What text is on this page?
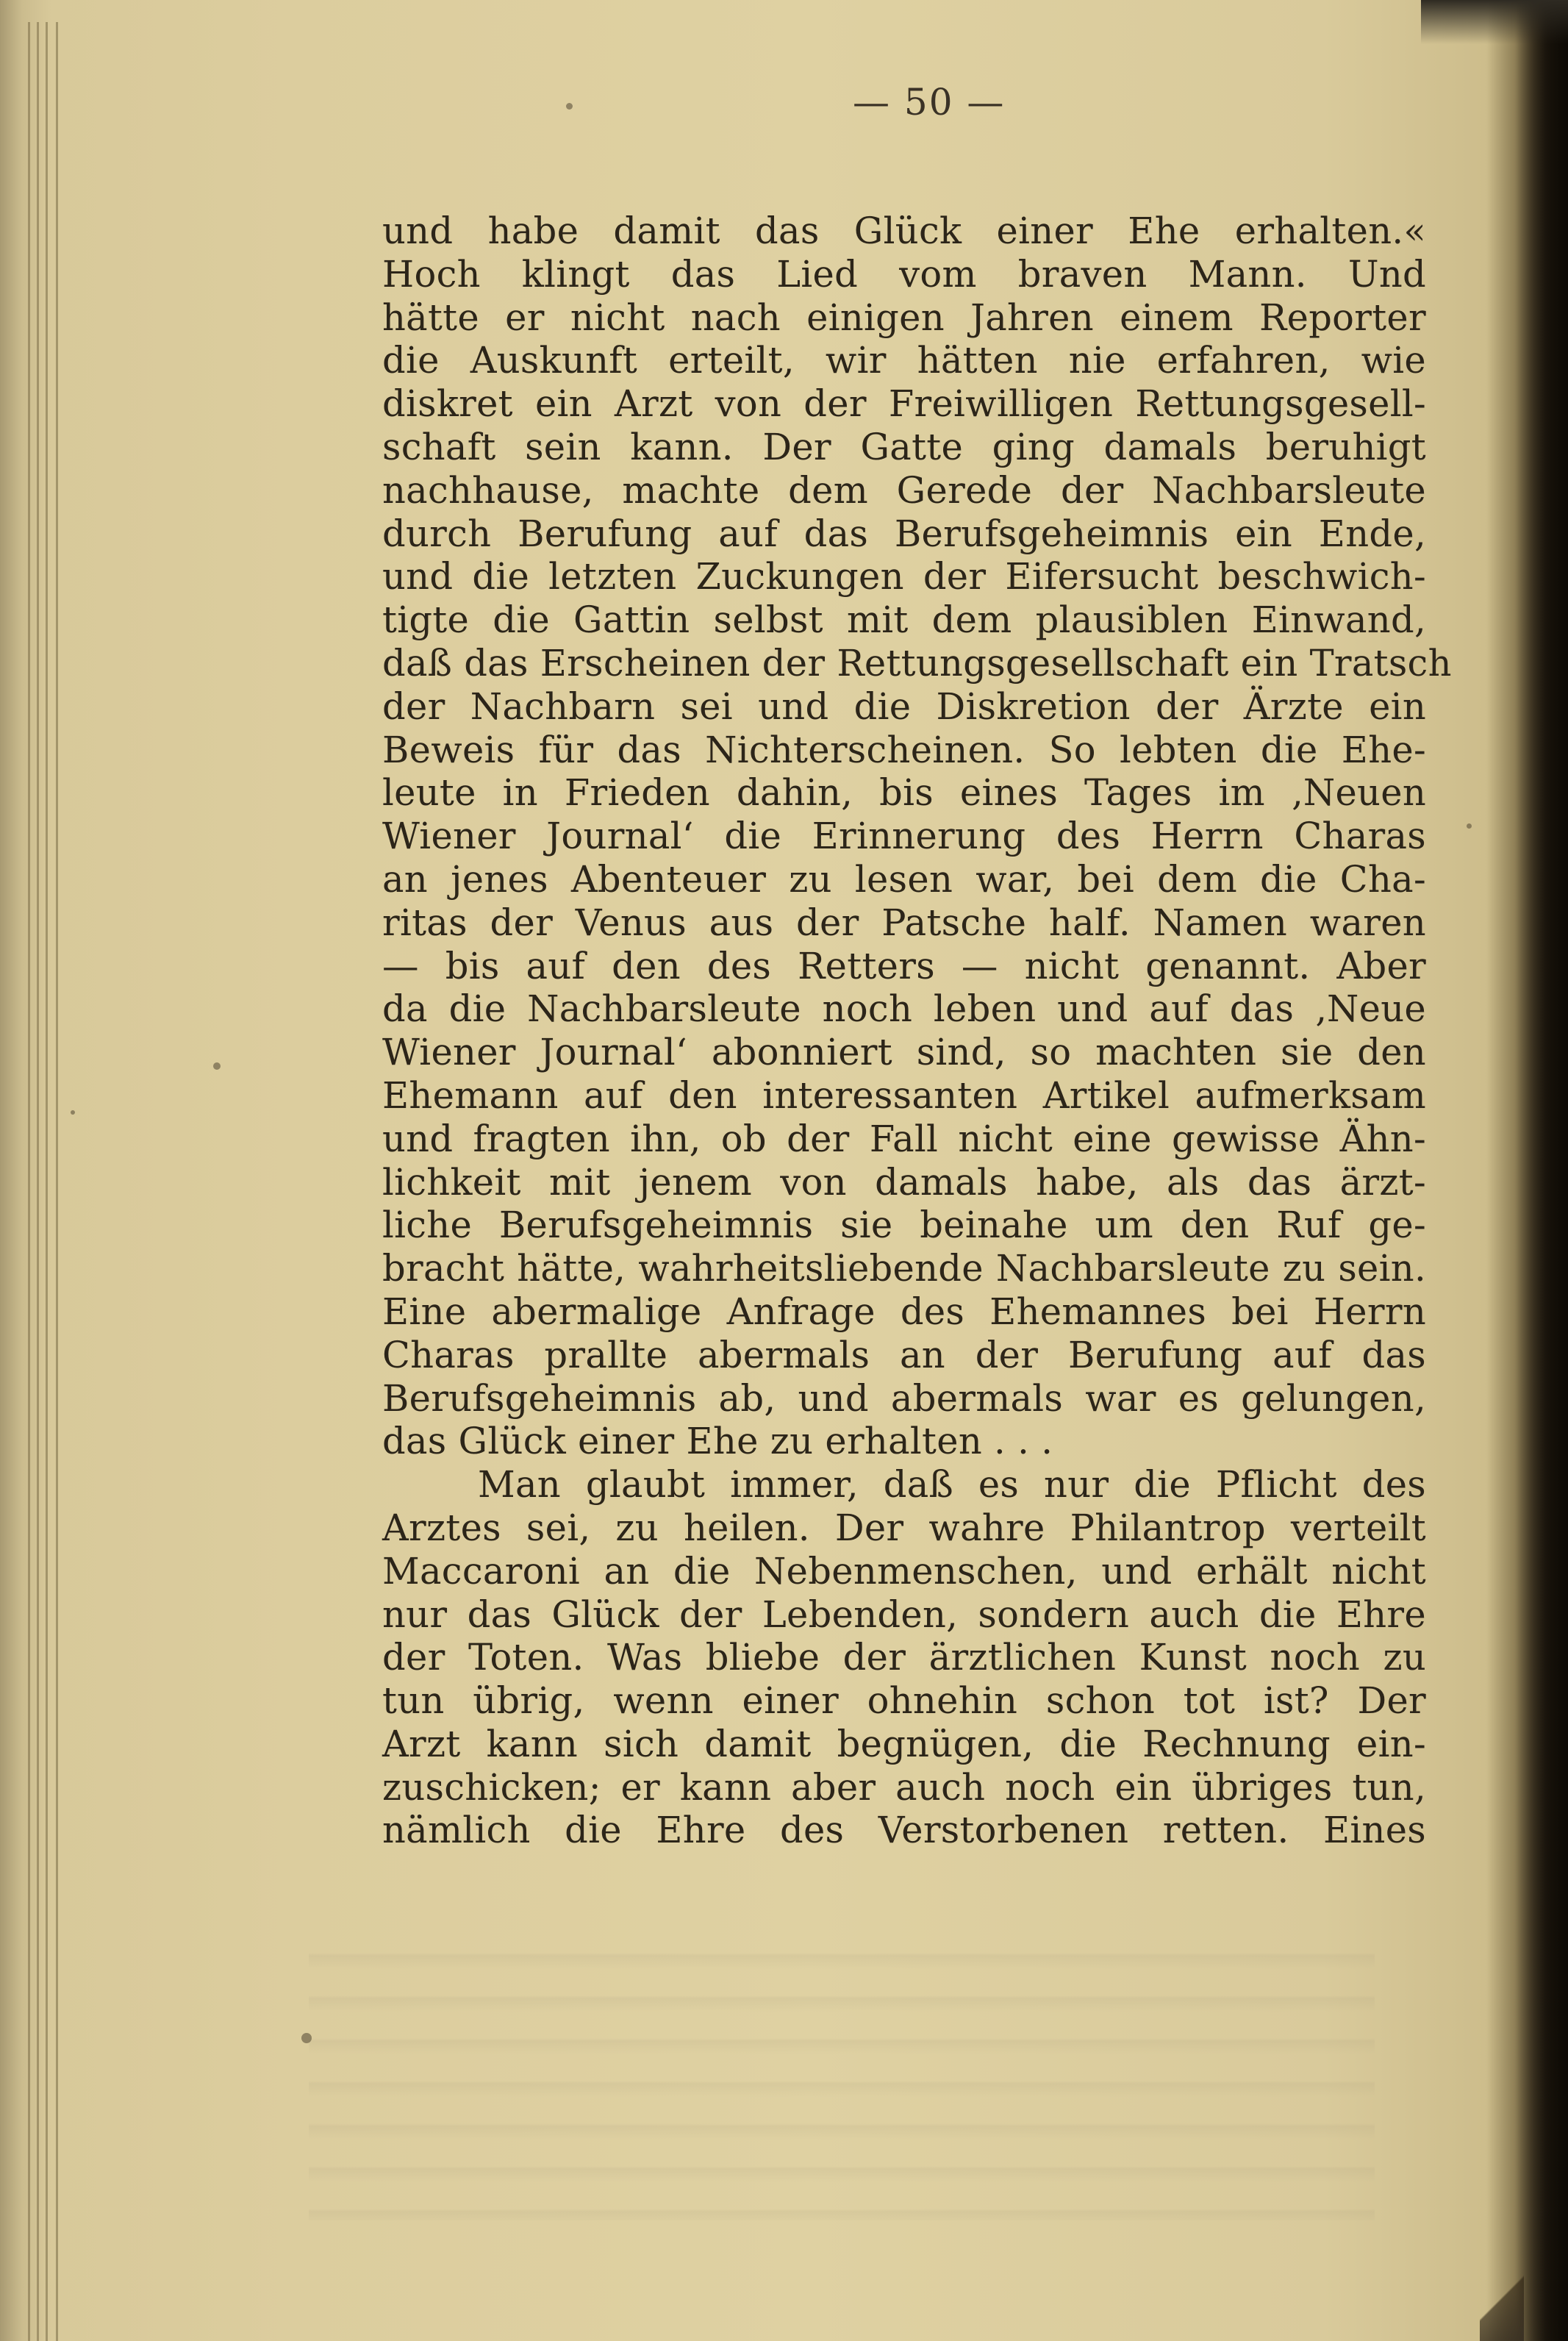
— 50 —
und habe damit das Glück einer Ehe erhalten.«
Hoch klingt das Lied vom braven Mann. Und
hätte er nicht nach einigen Jahren einem Reporter
die Auskunft erteilt, wir hätten nie erfahren, wie
diskret ein Arzt von der Freiwilligen Rettungsgesell-
schaft sein kann. Der Gatte ging damals beruhigt
nachhause, machte dem Gerede der Nachbarsleute
durch Berufung auf das Berufsgeheimnis ein Ende,
und die letzten Zuckungen der Eifersucht beschwich-
tigte die Gattin selbst mit dem plausiblen Einwand,
daß das Erscheinen der Rettungsgesellschaft ein Tratsch
der Nachbarn sei und die Diskretion der Ärzte ein
Beweis für das Nichterscheinen. So lebten die Ehe-
leute in Frieden dahin, bis eines Tages im ‚Neuen
Wiener Journal‘ die Erinnerung des Herrn Charas
an jenes Abenteuer zu lesen war, bei dem die Cha-
ritas der Venus aus der Patsche half. Namen waren
— bis auf den des Retters — nicht genannt. Aber
da die Nachbarsleute noch leben und auf das ‚Neue
Wiener Journal‘ abonniert sind, so machten sie den
Ehemann auf den interessanten Artikel aufmerksam
und fragten ihn, ob der Fall nicht eine gewisse Ähn-
lichkeit mit jenem von damals habe, als das ärzt-
liche Berufsgeheimnis sie beinahe um den Ruf ge-
bracht hätte, wahrheitsliebende Nachbarsleute zu sein.
Eine abermalige Anfrage des Ehemannes bei Herrn
Charas prallte abermals an der Berufung auf das
Berufsgeheimnis ab, und abermals war es gelungen,
das Glück einer Ehe zu erhalten . . .
Man glaubt immer, daß es nur die Pflicht des
Arztes sei, zu heilen. Der wahre Philantrop verteilt
Maccaroni an die Nebenmenschen, und erhält nicht
nur das Glück der Lebenden, sondern auch die Ehre
der Toten. Was bliebe der ärztlichen Kunst noch zu
tun übrig, wenn einer ohnehin schon tot ist? Der
Arzt kann sich damit begnügen, die Rechnung ein-
zuschicken; er kann aber auch noch ein übriges tun,
nämlich die Ehre des Verstorbenen retten. Eines
